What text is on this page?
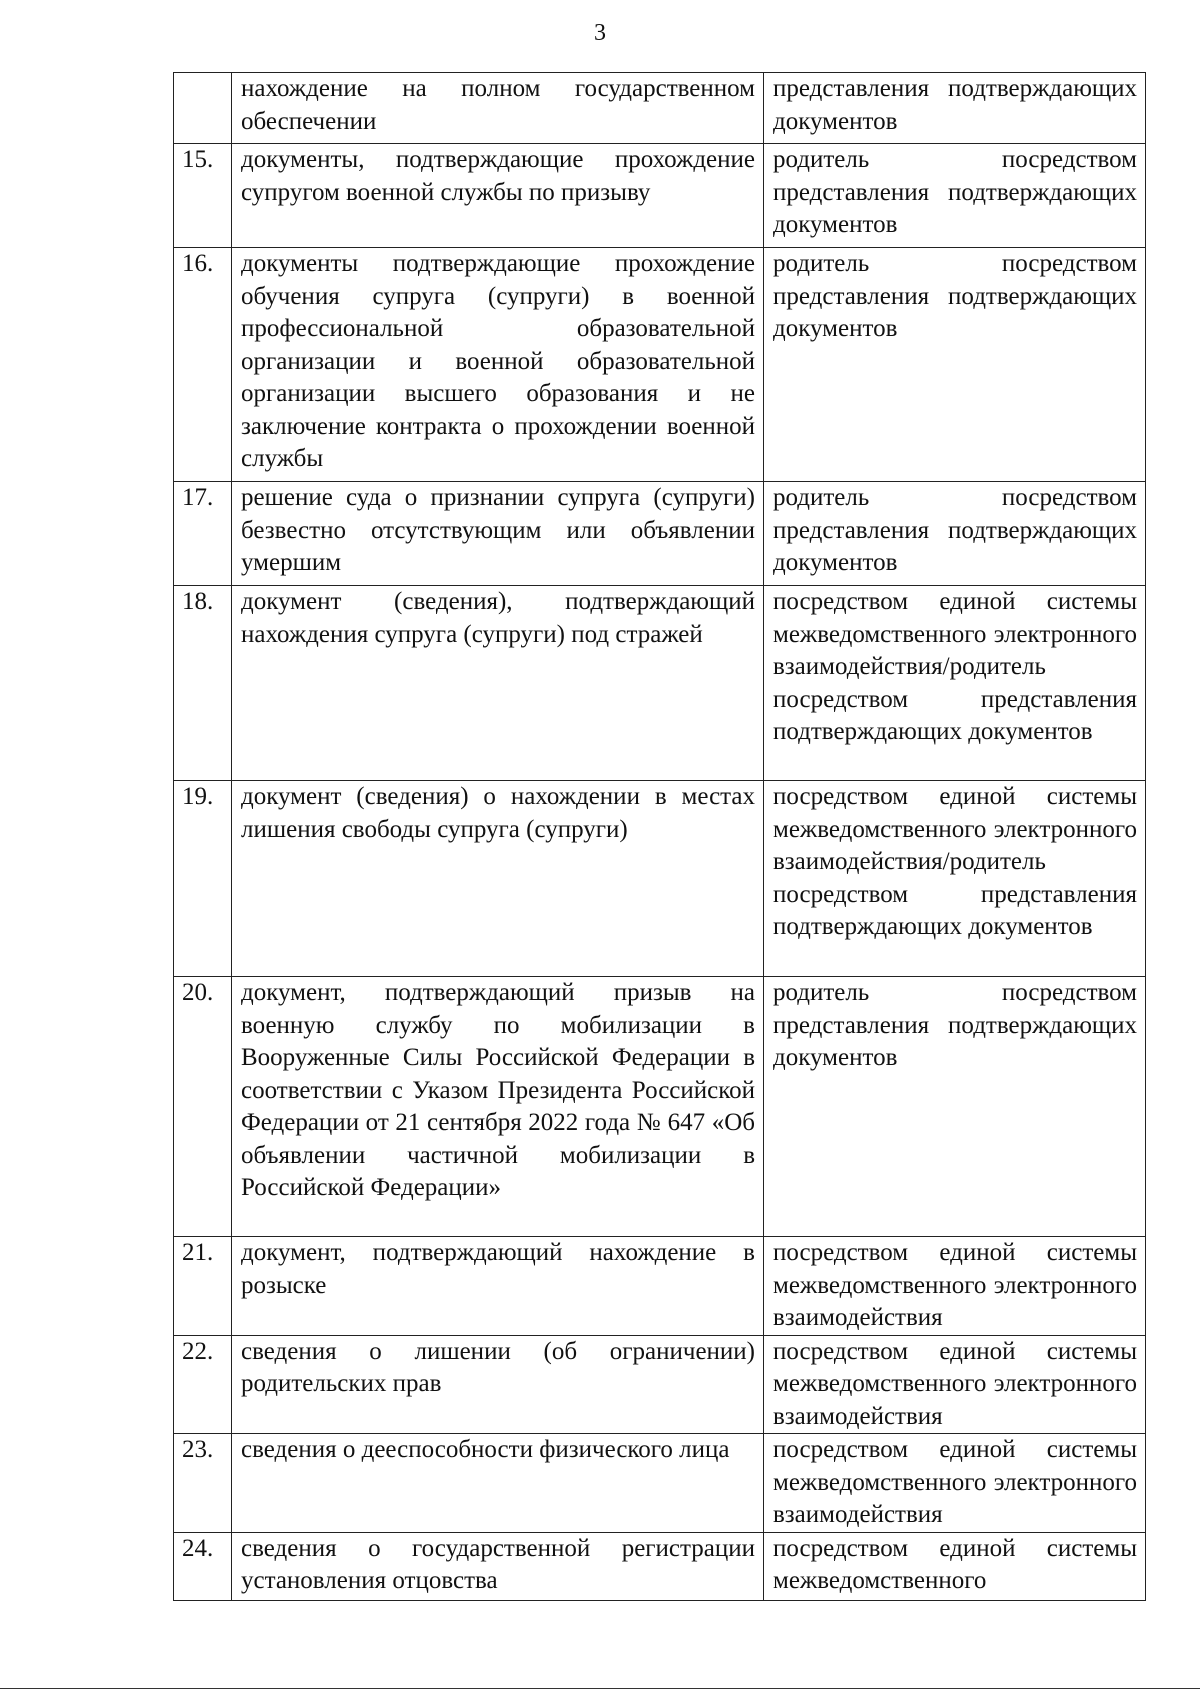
3
	нахождение на полном государственном обеспечении	представления подтверждающих документов
15.	документы, подтверждающие прохождение супругом военной службы по призыву	родитель посредством представления подтверждающих документов
16.	документы подтверждающие прохождение обучения супруга (супруги) в военной профессиональной образовательной организации и военной образовательной организации высшего образования и не заключение контракта о прохождении военной службы	родитель посредством представления подтверждающих документов
17.	решение суда о признании супруга (супруги) безвестно отсутствующим или объявлении умершим	родитель посредством представления подтверждающих документов
18.	документ (сведения), подтверждающий нахождения супруга (супруги) под стражей	посредством единой системы межведомственного электронного взаимодействия/родитель посредством представления подтверждающих документов
19.	документ (сведения) о нахождении в местах лишения свободы супруга (супруги)	посредством единой системы межведомственного электронного взаимодействия/родитель посредством представления подтверждающих документов
20.	документ, подтверждающий призыв на военную службу по мобилизации в Вооруженные Силы Российской Федерации в соответствии с Указом Президента Российской Федерации от 21 сентября 2022 года № 647 «Об объявлении частичной мобилизации в Российской Федерации»	родитель посредством представления подтверждающих документов
21.	документ, подтверждающий нахождение в розыске	посредством единой системы межведомственного электронного взаимодействия
22.	сведения о лишении (об ограничении) родительских прав	посредством единой системы межведомственного электронного взаимодействия
23.	сведения о дееспособности физического лица	посредством единой системы межведомственного электронного взаимодействия
24.	сведения о государственной регистрации установления отцовства	посредством единой системы межведомственного
